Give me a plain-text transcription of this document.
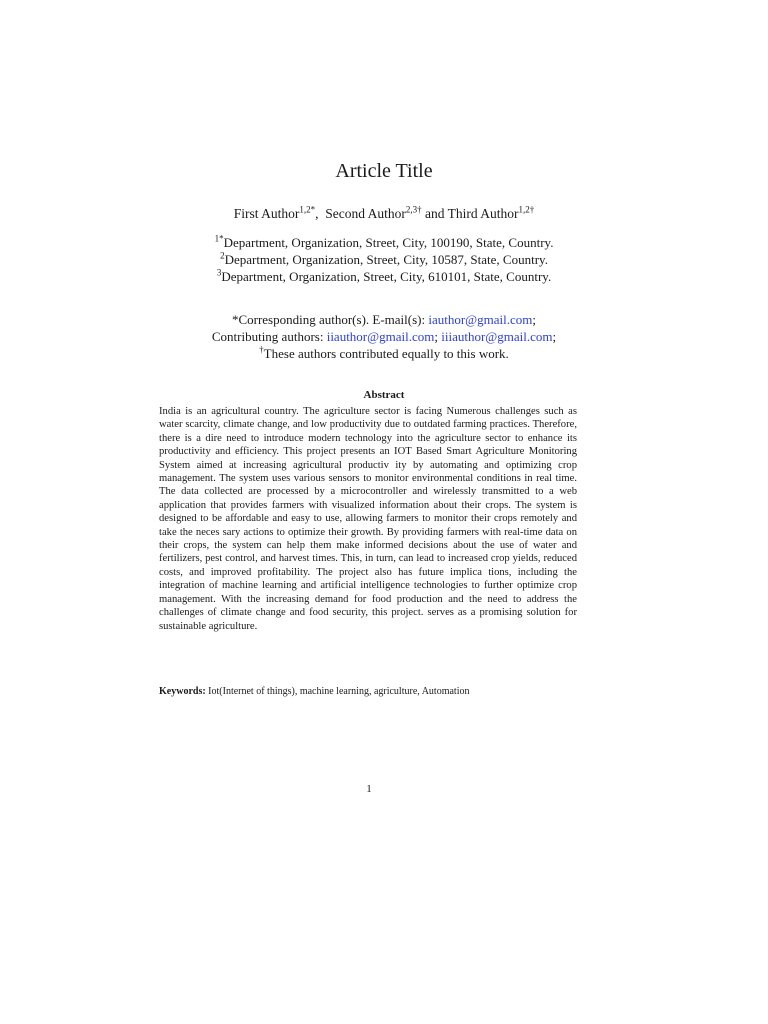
Article Title
First Author$^{1,2*}$, Second Author$^{2,3\dagger}$ and Third Author$^{1,2\dagger}$
$^{1*}$Department, Organization, Street, City, 100190, State, Country.
$^2$Department, Organization, Street, City, 10587, State, Country.
$^3$Department, Organization, Street, City, 610101, State, Country.
*Corresponding author(s). E-mail(s): iauthor@gmail.com;
Contributing authors: iiauthor@gmail.com; iiiauthor@gmail.com;
†These authors contributed equally to this work.
Abstract
India is an agricultural country. The agriculture sector is facing Numerous challenges such as water scarcity, climate change, and low productivity due to outdated farming practices. Therefore, there is a dire need to introduce modern technology into the agriculture sector to enhance its productivity and efficiency. This project presents an IOT Based Smart Agriculture Monitoring System aimed at increasing agricultural productiv ity by automating and optimizing crop management. The system uses various sensors to monitor environmental conditions in real time. The data collected are processed by a microcontroller and wirelessly transmitted to a web application that provides farmers with visualized information about their crops. The system is designed to be affordable and easy to use, allowing farmers to monitor their crops remotely and take the neces sary actions to optimize their growth. By providing farmers with real-time data on their crops, the system can help them make informed decisions about the use of water and fertilizers, pest control, and harvest times. This, in turn, can lead to increased crop yields, reduced costs, and improved profitability. The project also has future implica tions, including the integration of machine learning and artificial intelligence technologies to further optimize crop management. With the increasing demand for food production and the need to address the challenges of climate change and food security, this project. serves as a promising solution for sustainable agriculture.
Keywords: Iot(Internet of things), machine learning, agriculture, Automation
1
